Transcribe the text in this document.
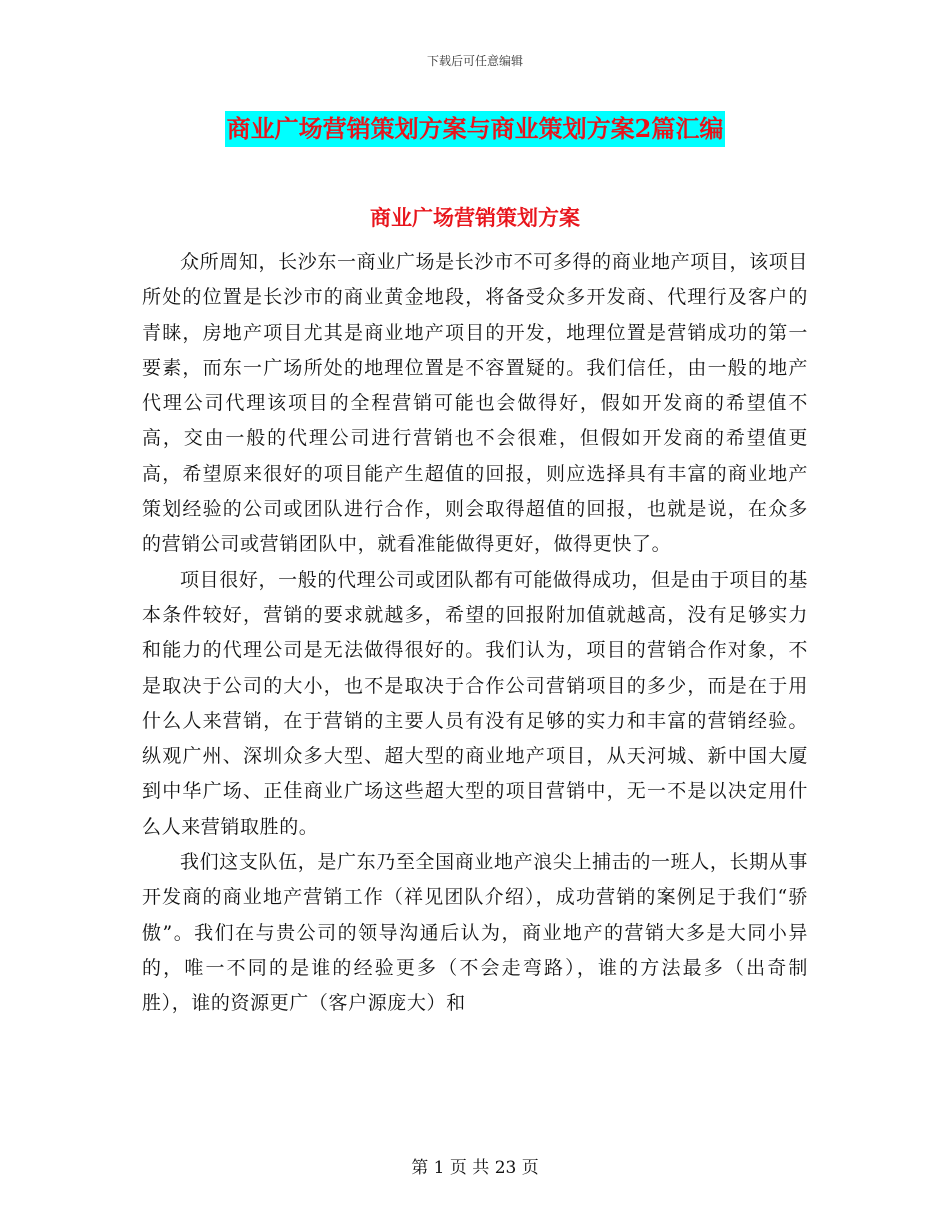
下载后可任意编辑
商业广场营销策划方案与商业策划方案2篇汇编
商业广场营销策划方案

众所周知，长沙东一商业广场是长沙市不可多得的商业地产项目，该项目所处的位置是长沙市的商业黄金地段，将备受众多开发商、代理行及客户的青睐，房地产项目尤其是商业地产项目的开发，地理位置是营销成功的第一要素，而东一广场所处的地理位置是不容置疑的。我们信任，由一般的地产代理公司代理该项目的全程营销可能也会做得好，假如开发商的希望值不高，交由一般的代理公司进行营销也不会很难，但假如开发商的希望值更高，希望原来很好的项目能产生超值的回报，则应选择具有丰富的商业地产策划经验的公司或团队进行合作，则会取得超值的回报，也就是说，在众多的营销公司或营销团队中，就看准能做得更好，做得更快了。

项目很好，一般的代理公司或团队都有可能做得成功，但是由于项目的基本条件较好，营销的要求就越多，希望的回报附加值就越高，没有足够实力和能力的代理公司是无法做得很好的。我们认为，项目的营销合作对象，不是取决于公司的大小，也不是取决于合作公司营销项目的多少，而是在于用什么人来营销，在于营销的主要人员有没有足够的实力和丰富的营销经验。纵观广州、深圳众多大型、超大型的商业地产项目，从天河城、新中国大厦到中华广场、正佳商业广场这些超大型的项目营销中，无一不是以决定用什么人来营销取胜的。

我们这支队伍，是广东乃至全国商业地产浪尖上捕击的一班人，长期从事开发商的商业地产营销工作（祥见团队介绍），成功营销的案例足于我们“骄傲”。我们在与贵公司的领导沟通后认为，商业地产的营销大多是大同小异的，唯一不同的是谁的经验更多（不会走弯路），谁的方法最多（出奇制胜），谁的资源更广（客户源庞大）和

第 1 页 共 23 页
